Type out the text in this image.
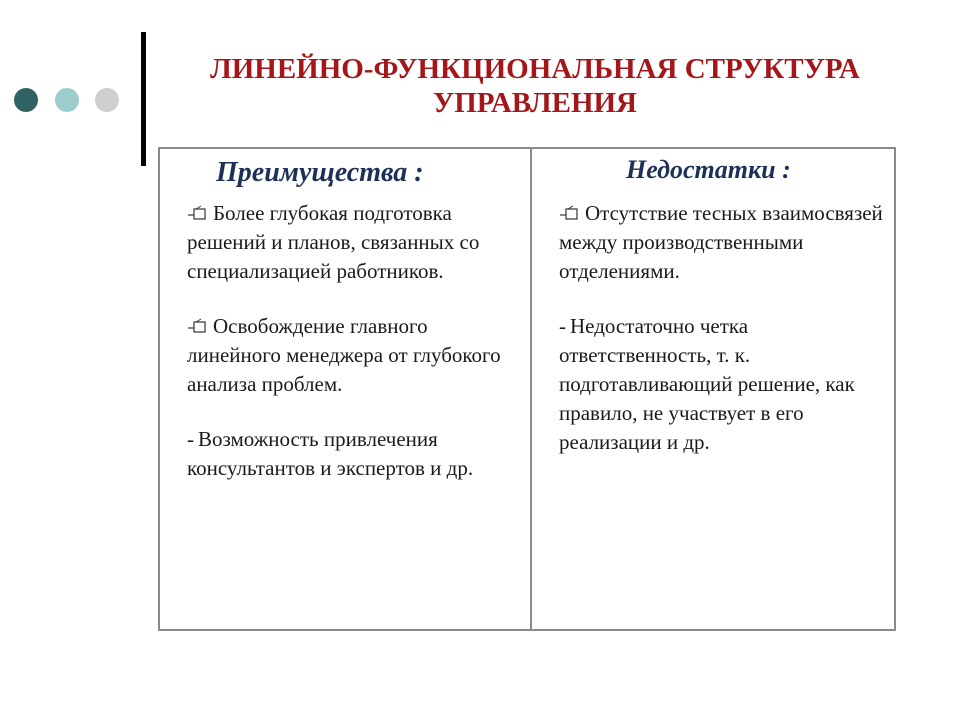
ЛИНЕЙНО-ФУНКЦИОНАЛЬНАЯ СТРУКТУРА
УПРАВЛЕНИЯ
Преимущества :
Более глубокая подготовка решений и планов, связанных со специализацией работников.
Освобождение главного линейного менеджера от глубокого анализа проблем.
- Возможность привлечения консультантов и экспертов и др.
Недостатки :
Отсутствие тесных взаимосвязей между производственными отделениями.
- Недостаточно четка ответственность, т. к. подготавливающий решение, как правило, не участвует в его реализации и др.
